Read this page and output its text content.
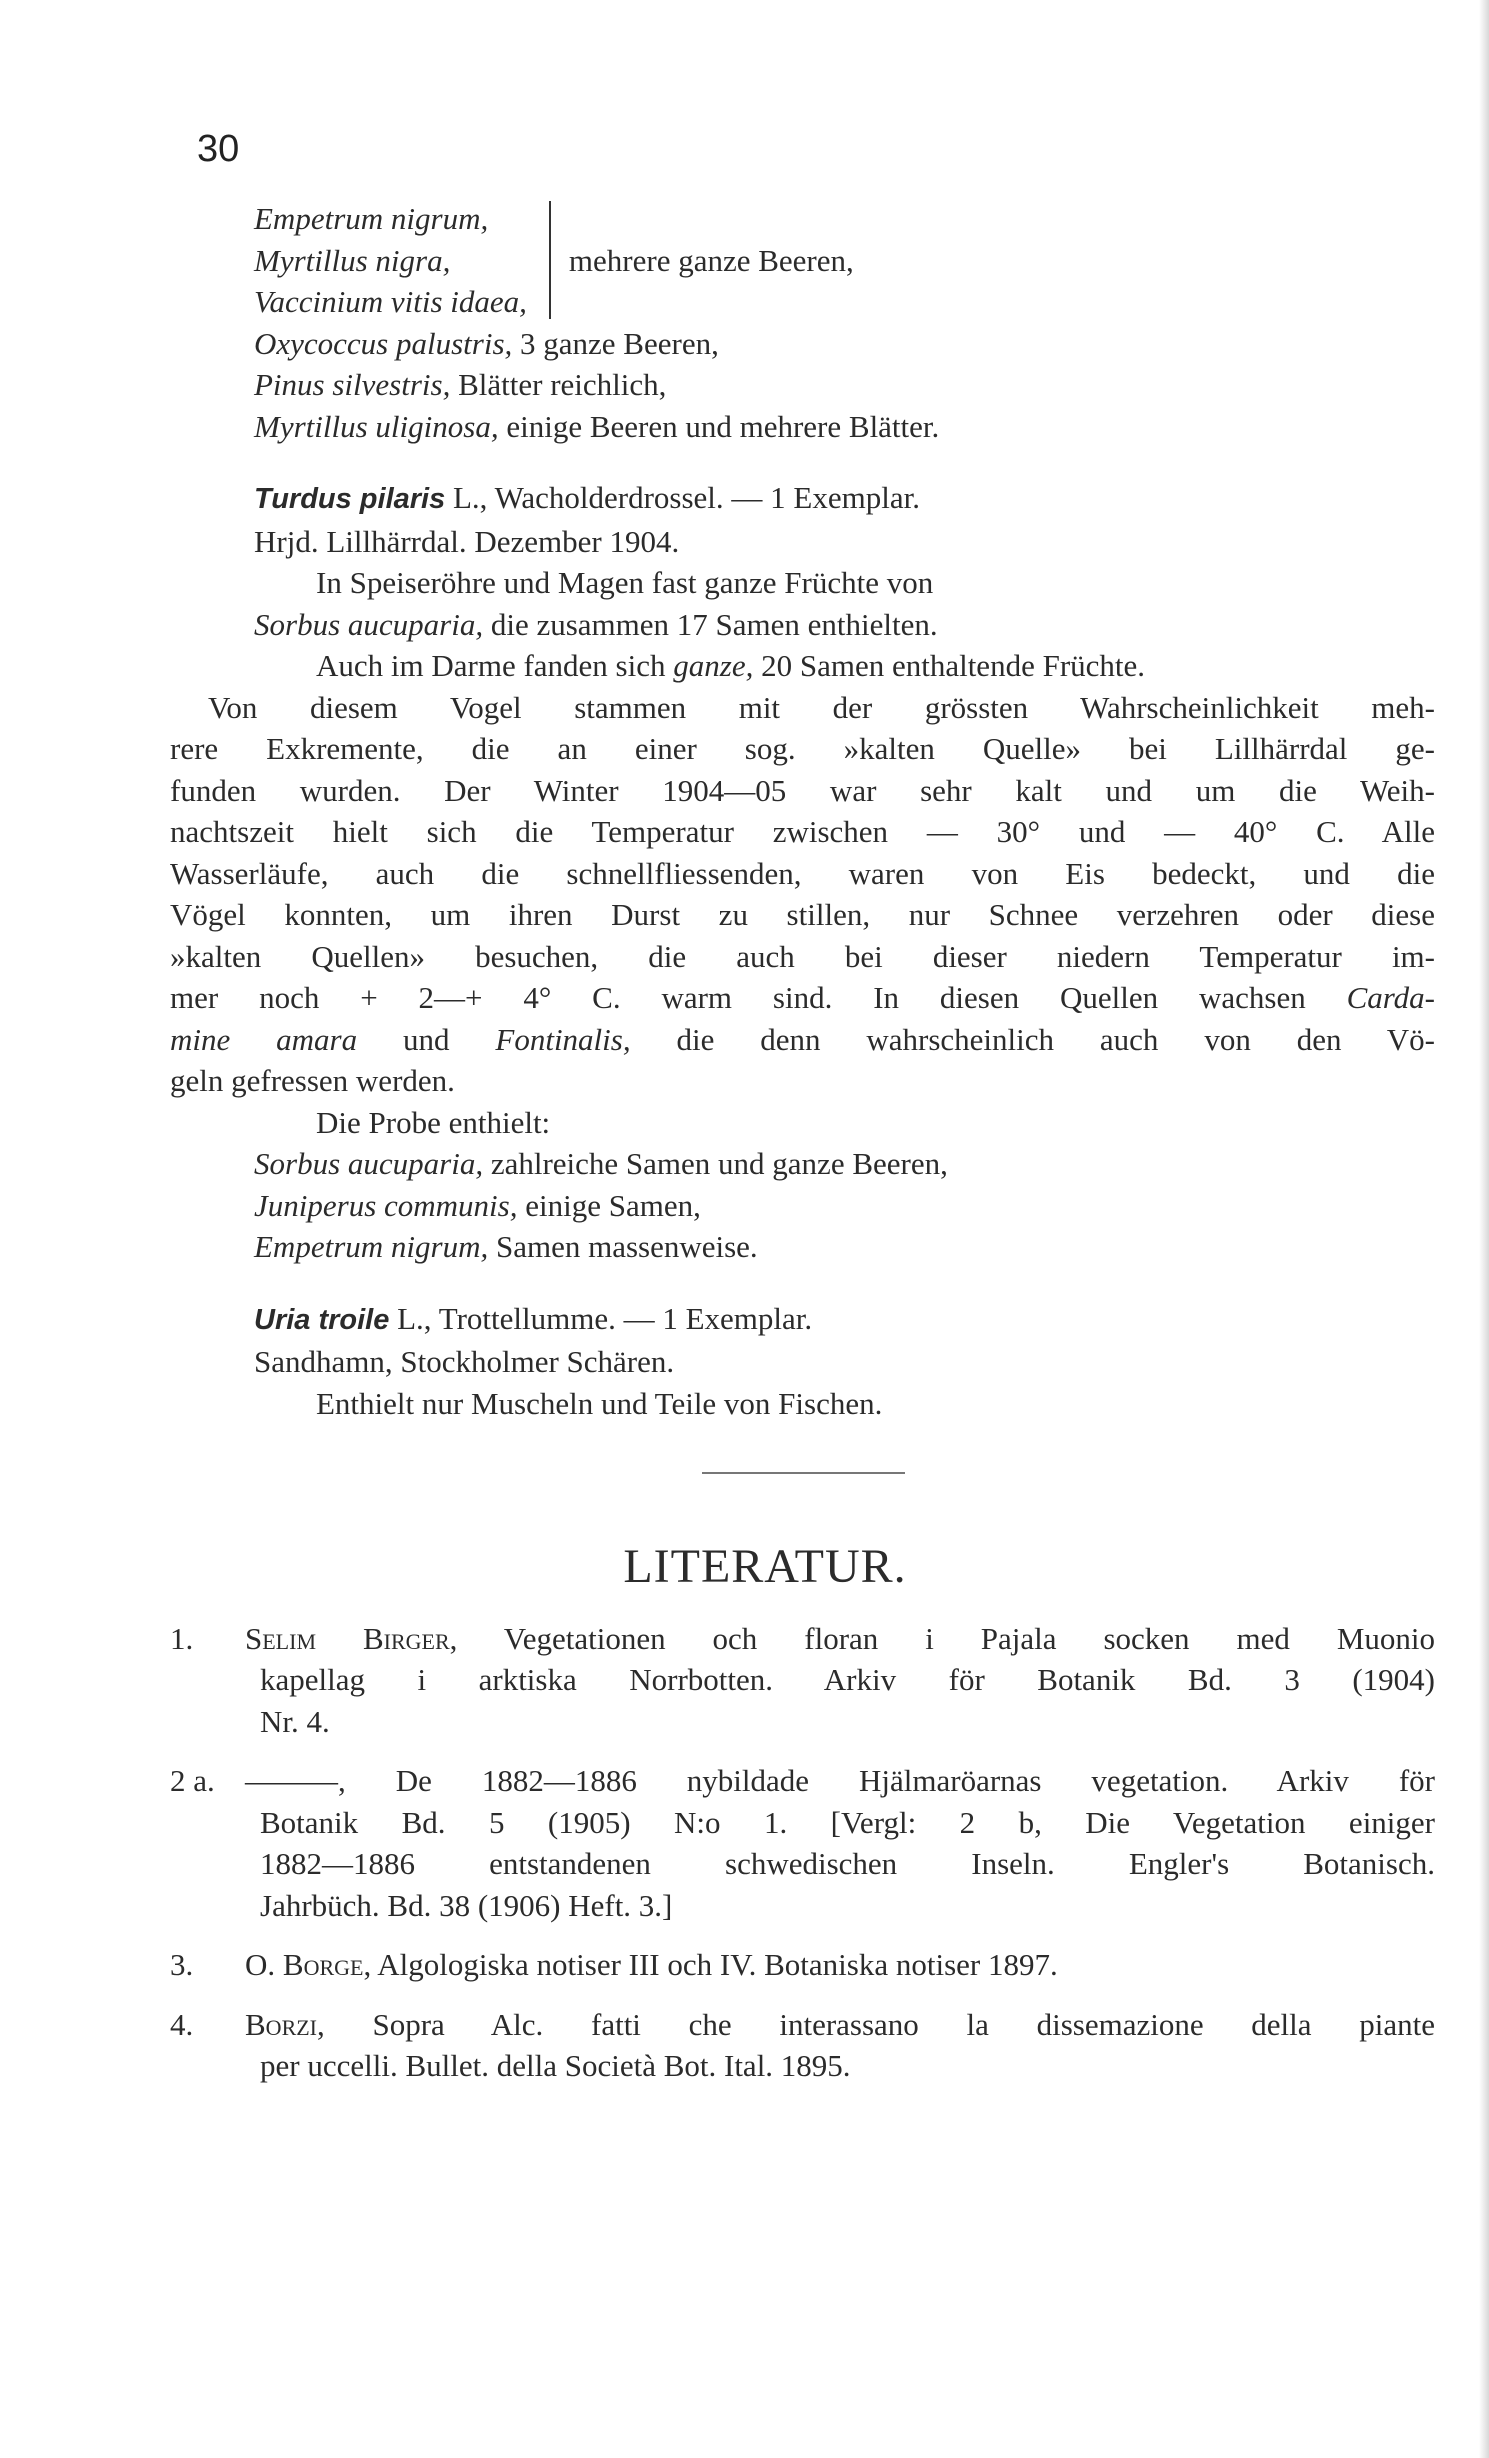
30
Empetrum nigrum,
Myrtillus nigra,
Vaccinium vitis idaea,
mehrere ganze Beeren,
Oxycoccus palustris, 3 ganze Beeren,
Pinus silvestris, Blätter reichlich,
Myrtillus uliginosa, einige Beeren und mehrere Blätter.
Turdus pilaris L., Wacholderdrossel. — 1 Exemplar.
Hrjd. Lillhärrdal. Dezember 1904.
In Speiseröhre und Magen fast ganze Früchte von
Sorbus aucuparia, die zusammen 17 Samen enthielten.
Auch im Darme fanden sich ganze, 20 Samen enthaltende Früchte.
Von diesem Vogel stammen mit der grössten Wahrscheinlichkeit meh-
rere Exkremente, die an einer sog. »kalten Quelle» bei Lillhärrdal ge-
funden wurden. Der Winter 1904—05 war sehr kalt und um die Weih-
nachtszeit hielt sich die Temperatur zwischen — 30° und — 40° C. Alle
Wasserläufe, auch die schnellfliessenden, waren von Eis bedeckt, und die
Vögel konnten, um ihren Durst zu stillen, nur Schnee verzehren oder diese
»kalten Quellen» besuchen, die auch bei dieser niedern Temperatur im-
mer noch + 2—+ 4° C. warm sind. In diesen Quellen wachsen Carda-
mine amara und Fontinalis, die denn wahrscheinlich auch von den Vö-
geln gefressen werden.
Die Probe enthielt:
Sorbus aucuparia, zahlreiche Samen und ganze Beeren,
Juniperus communis, einige Samen,
Empetrum nigrum, Samen massenweise.
Uria troile L., Trottellumme. — 1 Exemplar.
Sandhamn, Stockholmer Schären.
Enthielt nur Muscheln und Teile von Fischen.
LITERATUR.
1.	Selim Birger, Vegetationen och floran i Pajala socken med Muonio
kapellag i arktiska Norrbotten. Arkiv för Botanik Bd. 3 (1904)
Nr. 4.
2 a. ———, De 1882—1886 nybildade Hjälmaröarnas vegetation. Arkiv för
Botanik Bd. 5 (1905) N:o 1. [Vergl: 2 b, Die Vegetation einiger
1882—1886 entstandenen schwedischen Inseln. Engler's Botanisch.
Jahrbüch. Bd. 38 (1906) Heft. 3.]
3.	O. Borge, Algologiska notiser III och IV. Botaniska notiser 1897.
4.	Borzi, Sopra Alc. fatti che interassano la dissemazione della piante
per uccelli. Bullet. della Società Bot. Ital. 1895.
